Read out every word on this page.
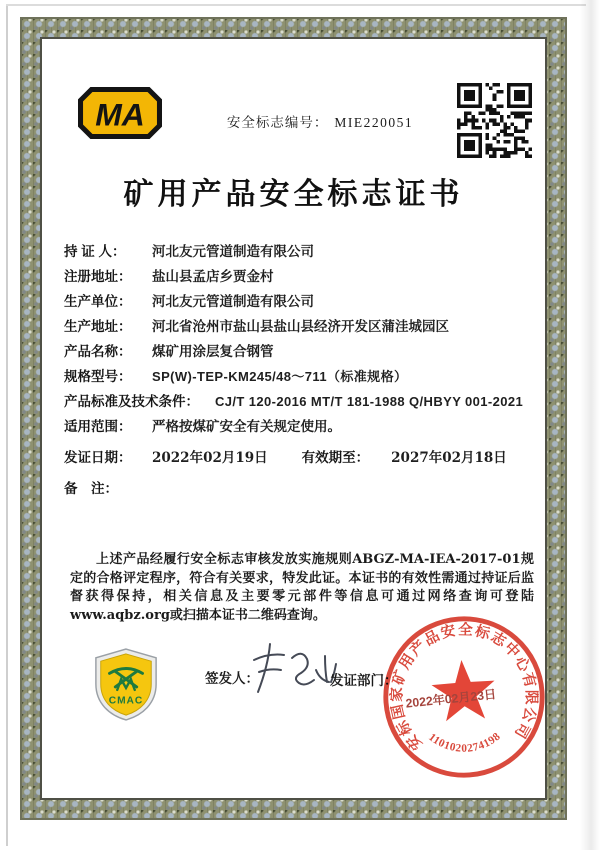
MA	安全标志编号： MIE220051
矿用产品安全标志证书
持 证 人：	河北友元管道制造有限公司
注册地址：	盐山县孟店乡贾金村
生产单位：	河北友元管道制造有限公司
生产地址：	河北省沧州市盐山县盐山县经济开发区蒲洼城园区
产品名称：	煤矿用涂层复合钢管
规格型号：	SP(W)-TEP-KM245/48～711（标准规格）
产品标准及技术条件： CJ/T 120-2016 MT/T 181-1988 Q/HBYY 001-2021
适用范围：	严格按煤矿安全有关规定使用。
发证日期：	2022年02月19日	有效期至： 2027年02月18日
备　注：

上述产品经履行安全标志审核发放实施规则ABGZ-MA-IEA-2017-01规定的合格评定程序，符合有关要求，特发此证。本证书的有效性需通过持证后监督获得保持，相关信息及主要零元部件等信息可通过网络查询可登陆www.aqbz.org或扫描本证书二维码查询。

CMAC
签发人：	发证部门：
安标国家矿用产品安全标志中心有限公司
1101020274198
2022年02月23日
